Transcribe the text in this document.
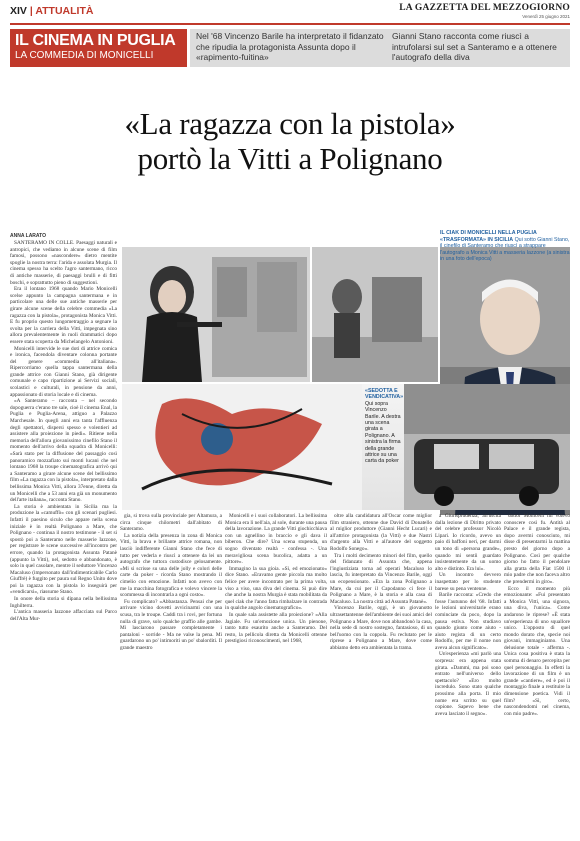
XIV | ATTUALITÀ	LA GAZZETTA DEL MEZZOGIORNO
Venerdì 25 giugno 2021
IL CINEMA IN PUGLIA
LA COMMEDIA DI MONICELLI
Nel '68 Vincenzo Barile ha interpretato il fidanzato che ripudia la protagonista Assunta dopo il «rapimento-fuitina»
Gianni Stano racconta come riuscì a intrufolarsi sul set a Santeramo e a ottenere l'autografo della diva
«La ragazza con la pistola»
portò la Vitti a Polignano
ANNA LARATO	IL CIAK DI MONICELLI NELLA PUGLIA «TRASFORMATA» IN SICILIA Qui sotto Gianni Stano, il cinefilo di Santeramo che riuscì a strappare l'autografo a Monica Vitti a masseria Iazzone (a sinistra in una foto dell'epoca)
«SEDOTTA E VENDICATIVA» Qui sopra Vincenzo Barile. A destra una scena girata a Polignano. A sinistra la firma della grande attrice su una carta da poker

SANTERAMO IN COLLE. Paesaggi naturali e antropici, che vediamo in alcune scene di film famosi, possono «nascondere» dietro mentite spoglie la nostra terra: l'arida e assolata Murgia. Il cinema spesso ha scelto l'agro santermano, ricco di antiche masserie, di paesaggi brulli e di fitti boschi, e soprattutto pieno di suggestioni.

Era il lontano 1968 quando Mario Monicelli scelse appunto la campagna santermana e in particolare una delle sue antiche masserie per girare alcune scene della celebre commedia «La ragazza con la pistola», protagonista Monica Vitti. E fu proprio questo lungometraggio a segnare la svolta per la carriera della Vitti, impegnata sino allora prevalentemente in ruoli drammatici dopo essere stata scoperta da Michelangelo Antonioni.

Monicelli intervide le sue doti di attrice comica e ironica, facendola diventare colonna portante del genere «commedia all'italiana». Ripercorriamo quella tappa santermana della grande attrice con Gianni Stano, già dirigente comunale e capo ripartizione ai Servizi sociali, scolastici e culturali, in pensione da anni, appassionato di storia locale e di cinema.

«A Santeramo – racconta – nel secondo dopoguerra c'erano tre sale, cioè il cinema Enal, la Puglia e Puglia-Arena, attiguo a Palazzo Marchesale. In quegli anni era tanta l'affluenza degli spettatori, dispersi spesso e volentieri ad assistere alla proiezione in piedi». Ritiene nella memoria dell'allora giovanissimo cinefilo Stano il momento dell'arrivo della squadra di Monicelli: «Sarà stato per la diffusione del passaggio così panoramico mozzafiato sui monti lucani che nel lontano 1968 la troupe cinematografica arrivò qui a Santeramo a girare alcune scene del bellissimo film «La ragazza con la pistola», interpretato dalla bellissima Monica Vitti, allora 37enne, diretta da un Monicelli che a 53 anni era già un monumento dell'arte italiana», racconta Stano.

La storia è ambientata in Sicilia ma la produzione la «camuffò» con gli scenari pugliesi. Infatti il paesino siculo che appare nella scena iniziale è in realtà Polignano a Mare, che Polignano - continua il nostro testimone - il set si spostò poi a Santeramo nelle masserie Iazzone, per registrare le scene successive all'incontro per errore, quando la protagonista Assunta Patanè (appunto la Vitti), nel, sedotto e abbandonato, è solo in quel casolare, mentre il seduttore Vincenzo Macaluso (impersonato dall'indimenticabile Carlo Giuffrè) è fuggito per paura sul Regno Unito dove poi la ragazza con la pistola lo inseguirà per «vendicarsi», riassume Stano.

In onore della storia si dipana nella bellissima Inghilterra.

L'antica masseria Iazzone affacciata sul Parco dell'Alta Mur-

gia, si trova sulla provinciale per Altamura, a circa cinque chilometri dall'abitato di Santeramo.

La notizia della presenza in zona di Monica Vitti, la brava e brillante attrice romana, non lasciò indifferente Gianni Stano che fece di tutto per vederla e riuscì a ottenere da lei un autografo che tuttora custodisce gelosamente. «Mi si scrisse su una delle jolly e colori delle carte da poker - ricorda Stano mostrando il cimelio con emozione. Infatti non avevo con me la macchina fotografica e volevo vincere la scommessa di incontrarla a ogni costo».

Fu complicato? «Abbastanza. Pensai che per arrivare vicino dovetti avvicinarmi con una scusa, tra le troupe. Caddi tra i rovi, per fortuna nulla di grave, solo qualche graffio alle gambe. Mi lasciarono passare completamente i pantaloni - sorride - Ma ne valse la pena. Mi guardarono un po' intimoriti un po' sbalorditi. Il grande maestro

Monicelli e i suoi collaboratori. La bellissima Monica era lì nell'aia, al sole, durante una pausa della lavorazione. La grande Vitti giochicchiava con un agnellino in braccio e gli dava il biberon. Che dire? Una scena stupenda, un sogno diventato realtà - confessa -. Una meravigliosa scena bucolica, adatta a un pittore».

Immagino la sua gioia. «Sì, ed emozionato» dice Stano. «Eravamo gente piccola ma molto felice per avere incontrato per la prima volta, viso a viso, una diva del cinema. Si può dire che anche la nostra Murgia è stata mobilitata da quel ciak che l'anno fatta rimbalzare in contrada in qualche angolo cinematografico».

In quale sala assistette alla proiezione? «Alla Jagiale. Fu un'emozione unica. Un pienone, tanto tutto esaurito anche a Santeramo. Del resto, la pellicola diretta da Monicelli ottenne prestigiosi riconoscimenti, nel 1968,

oltre alla candidatura all'Oscar come miglior film straniero, ottenne due David di Donatello al miglior produttore (Gianni Hecht Lucari) e all'attrice protagonista (la Vitti) e due Nastri d'argento alla Vitti e all'autore del soggetto Rodolfo Sonego».

Tra i molti decimento minori del film, quello del fidanzato di Assunta che, appena l'ingiustiziata torna ad operati Macaluso lo lascia, fu interpretato da Vincenzo Barile, oggi un ecopensionato. «Era la zona Polignano a Mare, da cui per il Capodanno ci fece il Polignano a Mare, è la storia e alla casa di Macaluso. La nostra città ad Assunta Patanè».

Vincenzo Barile, oggi, è un giovanotto ultrasettantenne dell'ambiente dei suoi amici del Polignano a Mare, dove non abbandonò la casa, nella sede di nostro sostegno, fantasioso, di un bell'uomo con la coppola. Fu reclutato per le riprese a Polignano a Mare, dove come abbiamo detto era ambientata la trama.

a Giurisprudenza, all'uscita dalla lezione di Diritto privato del celebre professor Nicolò Lipari. Io ricordo, avevo un paio di baffoni neri, per darmi un tono di «persona grande», quando mi sentii guardato insistentemente da un uomo alto e distinto. Era lui».

Un incontro devvero inaspettato per lo studente barese su pena ventenne.

Barile racconta: «Credo che fosse l'autunno del '68. Infatti le lezioni universitarie erano cominciate da poco, dopo la pausa estiva. Non studiavo quando giunto come aiuto - aiuto regista di un certo Rodolfo, per me il nome non aveva alcun significato».

Un'esperienza «mi parlò una sorpresa: era appena stata girata. «Dammi, ma poi sono entrato nell'universo dello spettacolo? «Ero molto incredulo. Sono stato qualche prossimo alla porta. Il mio nome era scritto su quel copione. Sapevo bene che aveva lasciato il segno».

dottor Monicelli mi volevo conoscere così fu. Antità al Palace e il grande regista, dopo avermi conosciuto, mi disse di presentarmi la mattina presto del giorno dopo a Polignano. Così per qualche giorno ho fatto il pendolare alla gratta della Fiat 1500 il mio padre che non faceva altro che prendermi in giro».

Ecco il momento più emozionante: «Fui presentato a Monica Vitti, una signora, una diva, l'unica». Come andarono le riprese? «È stata un'esperienza di uno squallore unico. L'opposto di quel mondo dorato che, specie noi giovani, immaginiamo. Una delusione totale - afferma -. Unica cosa positiva è stata la somma di denaro percepita per quel personaggio. In effetti la lavorazione di un film è un grande «cantiere», ed è poi il montaggio finale a restituire la dimensione poetica. Vidi il film? «Sì, certo, nascondendomi nel cinema, con mio padre».
